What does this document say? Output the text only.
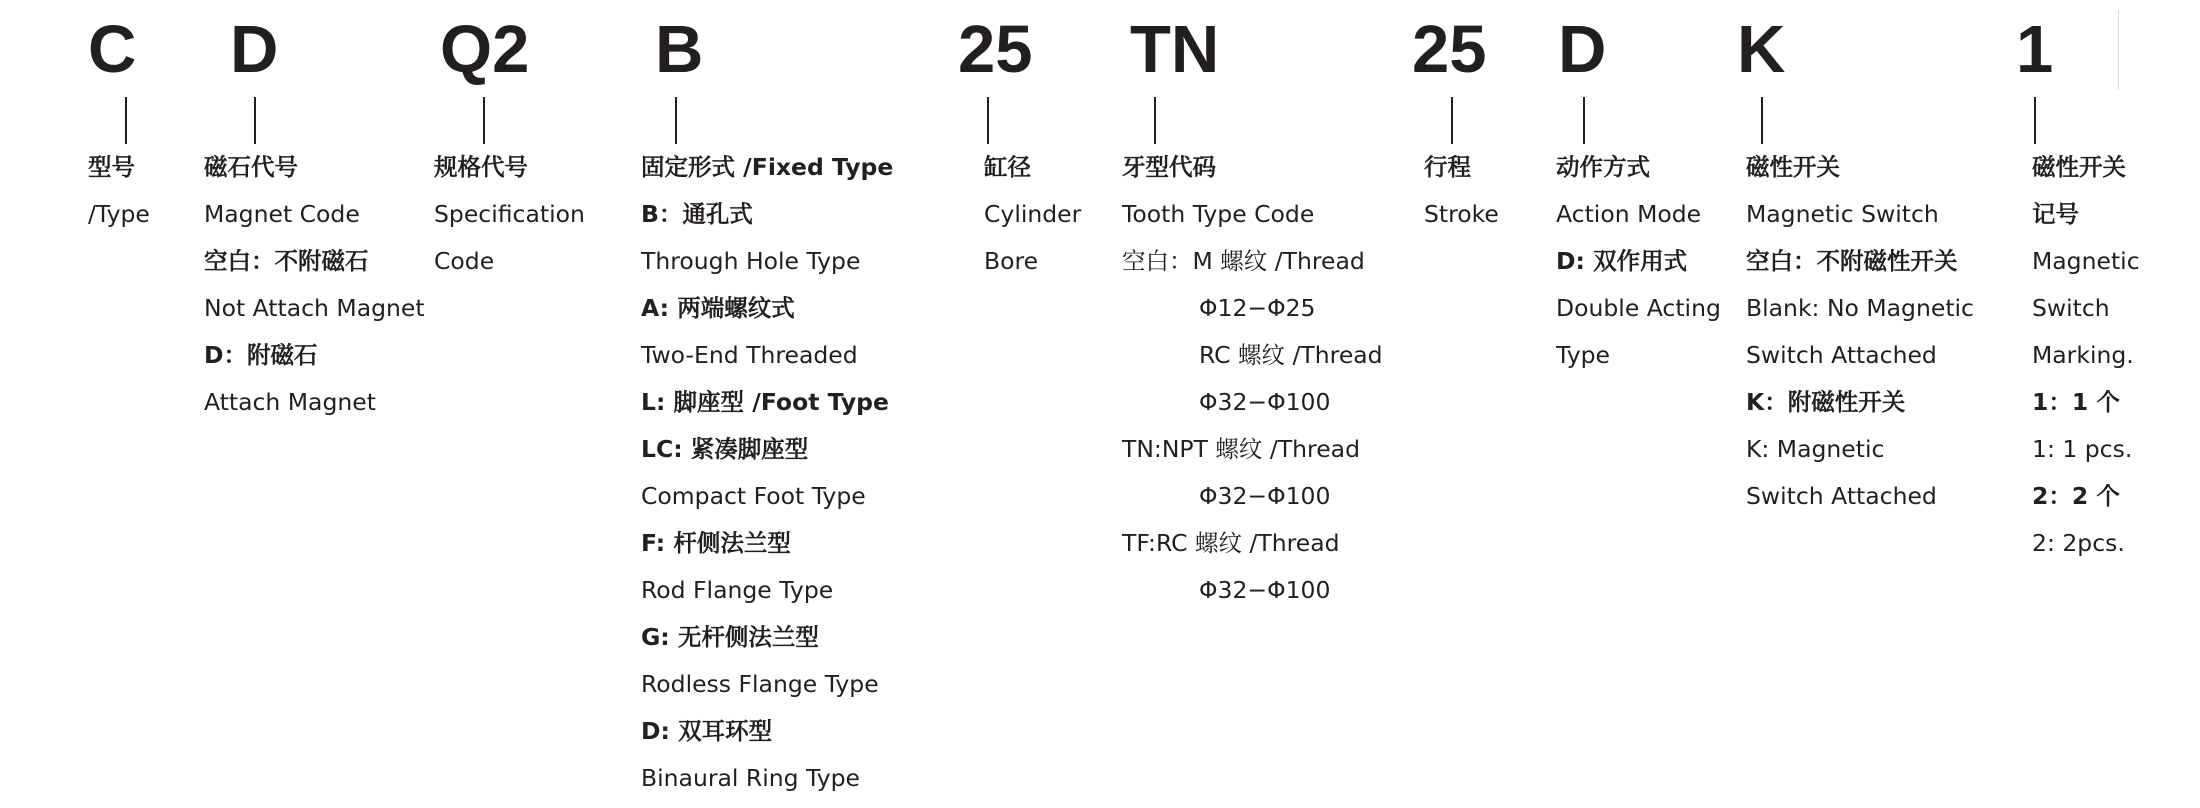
C D Q2 B	25 TN	25 D K	1
型号
/Type
磁石代号
Magnet Code
空白：不附磁石
Not Attach Magnet
D：附磁石
Attach Magnet
规格代号
Specification
Code
固定形式 /Fixed Type
B：通孔式
Through Hole Type
A: 两端螺纹式
Two-End Threaded
L: 脚座型 /Foot Type
LC: 紧凑脚座型
Compact Foot Type
F: 杆侧法兰型
Rod Flange Type
G: 无杆侧法兰型
Rodless Flange Type
D: 双耳环型
Binaural Ring Type
缸径
Cylinder
Bore
牙型代码
Tooth Type Code
空白：M 螺纹 /Thread
Φ12−Φ25
RC 螺纹 /Thread
Φ32−Φ100
TN:NPT 螺纹 /Thread
Φ32−Φ100
TF:RC 螺纹 /Thread
Φ32−Φ100
行程
Stroke
动作方式
Action Mode
D: 双作用式
Double Acting
Type
磁性开关
Magnetic Switch
空白：不附磁性开关
Blank: No Magnetic
Switch Attached
K：附磁性开关
K: Magnetic
Switch Attached
磁性开关
记号
Magnetic
Switch
Marking.
1：1 个
1: 1 pcs.
2：2 个
2: 2pcs.
